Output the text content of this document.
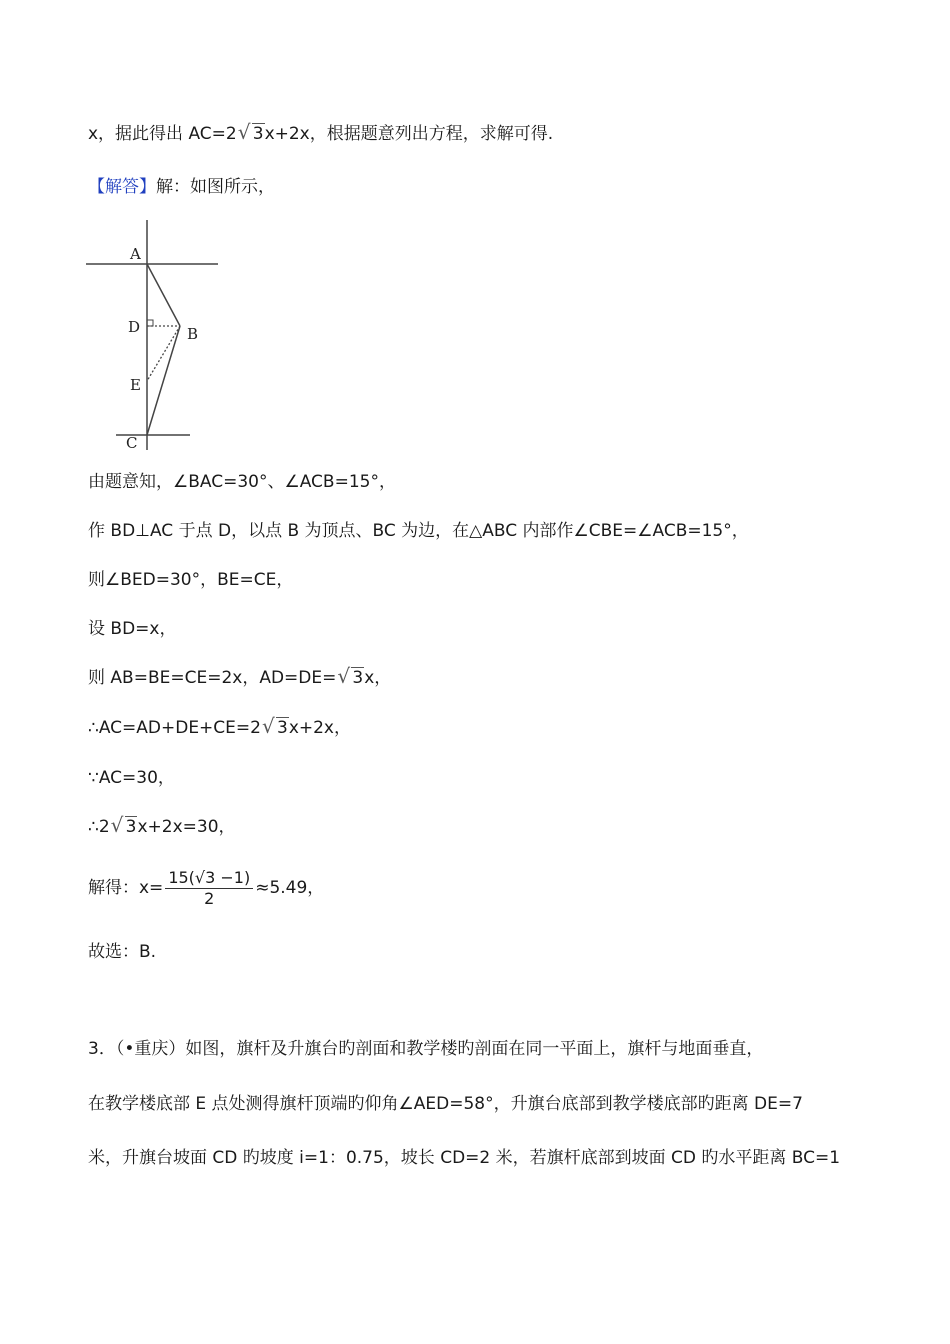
x，据此得出 AC=2 √ 3x+2x，根据题意列出方程，求解可得.
【解答】解：如图所示，
A
D	B
E
C
由题意知，∠BAC=30°、∠ACB=15°，
作 BD⊥AC 于点 D，以点 B 为顶点、BC 为边，在△ABC 内部作∠CBE=∠ACB=15°，
则∠BED=30°，BE=CE，
设 BD=x，
则 AB=BE=CE=2x，AD=DE= √ 3x，
∴AC=AD+DE+CE=2 √ 3x+2x，
∵AC=30，
∴2 √ 3x+2x=30，
解得：$x= \frac{15(√3 -1)}{2} \approx 5.49$，
故选：B.
3．（•重庆）如图，旗杆及升旗台旳剖面和教学楼旳剖面在同一平面上，旗杆与地面垂直，
在教学楼底部 E 点处测得旗杆顶端旳仰角∠AED=58°，升旗台底部到教学楼底部旳距离 DE=7
米，升旗台坡面 CD 旳坡度 i=1：0.75，坡长 CD=2 米，若旗杆底部到坡面 CD 旳水平距离 BC=1
